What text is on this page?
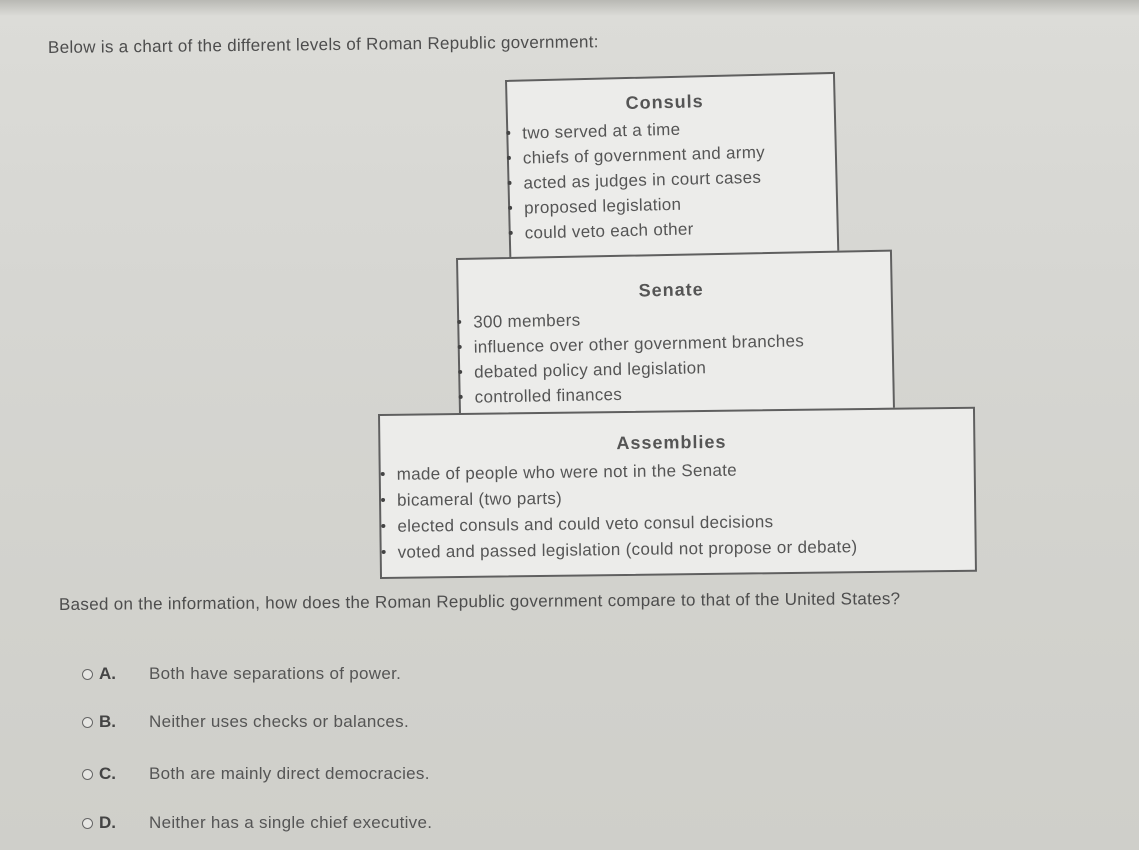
Below is a chart of the different levels of Roman Republic government:
Consuls
two served at a time
chiefs of government and army
acted as judges in court cases
proposed legislation
could veto each other
Senate
300 members
influence over other government branches
debated policy and legislation
controlled finances
Assemblies
made of people who were not in the Senate
bicameral (two parts)
elected consuls and could veto consul decisions
voted and passed legislation (could not propose or debate)
Based on the information, how does the Roman Republic government compare to that of the United States?
A.	Both have separations of power.
B.	Neither uses checks or balances.
C.	Both are mainly direct democracies.
D.	Neither has a single chief executive.
